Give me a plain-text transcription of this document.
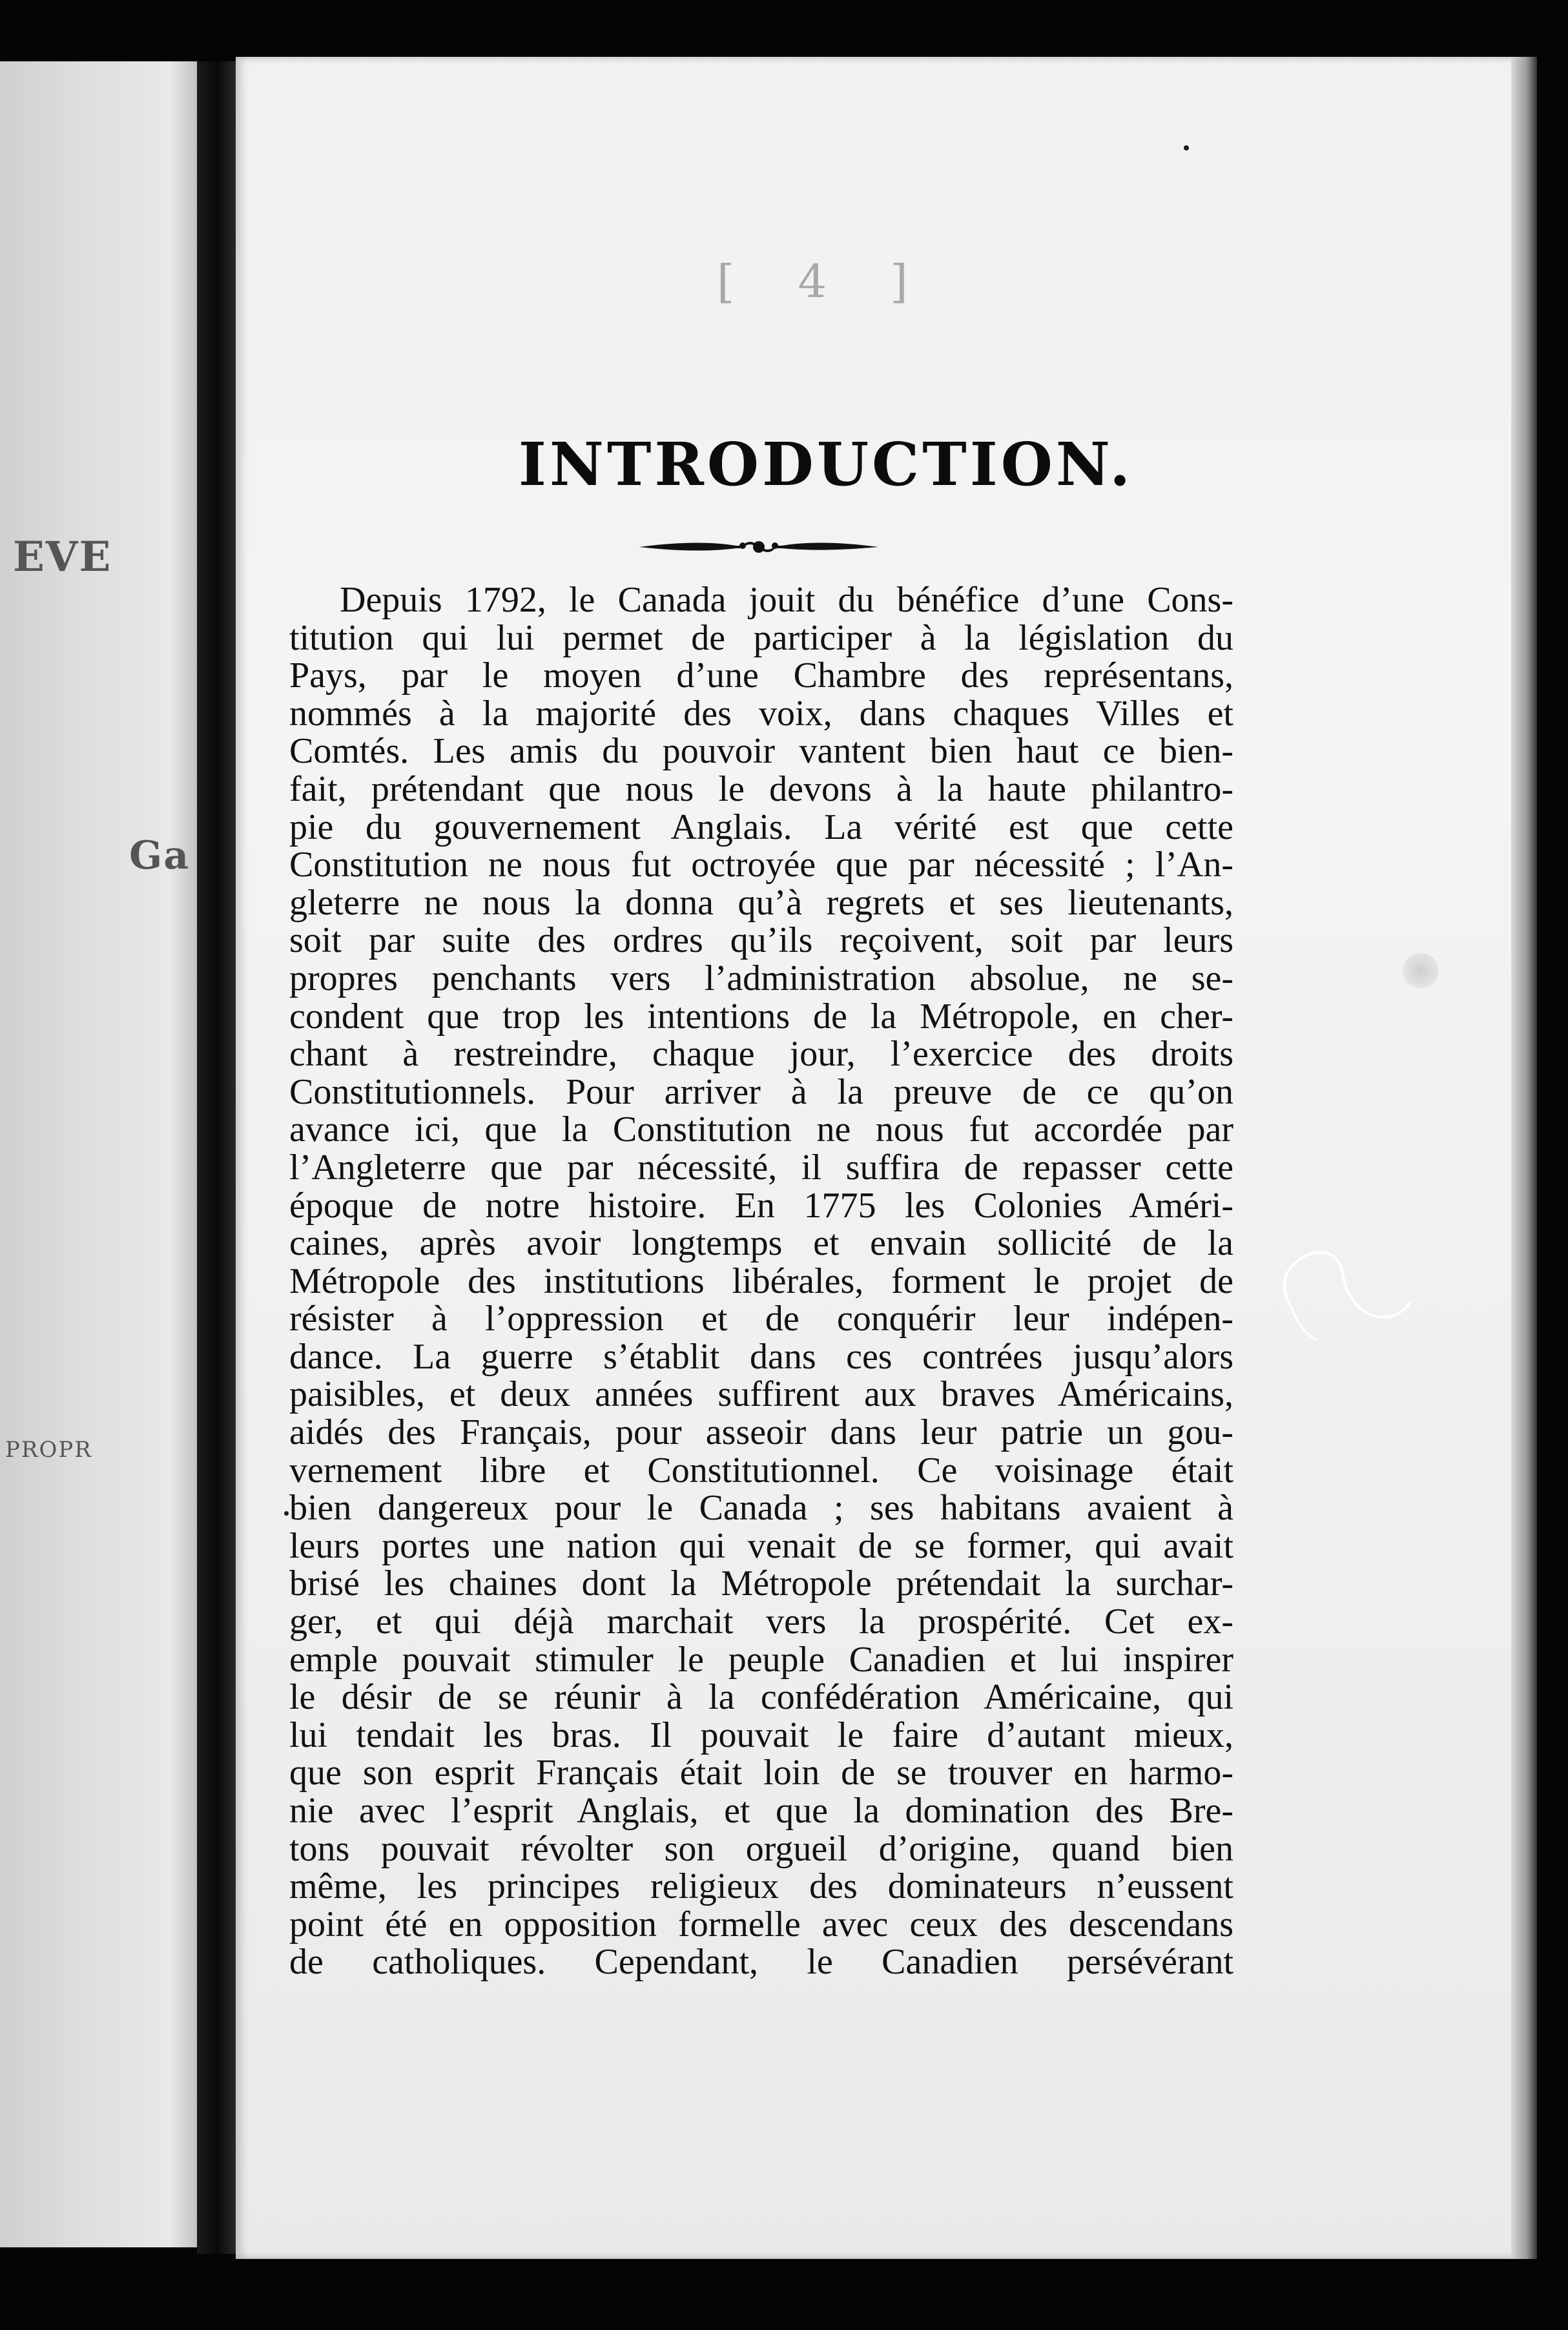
EVE
Ga
PROPR
[ 4 ]
INTRODUCTION.
Depuis 1792, le Canada jouit du bénéfice d’une Cons-
titution qui lui permet de participer à la législation du
Pays, par le moyen d’une Chambre des représentans,
nommés à la majorité des voix, dans chaques Villes et
Comtés. Les amis du pouvoir vantent bien haut ce bien-
fait, prétendant que nous le devons à la haute philantro-
pie du gouvernement Anglais. La vérité est que cette
Constitution ne nous fut octroyée que par nécessité ; l’An-
gleterre ne nous la donna qu’à regrets et ses lieutenants,
soit par suite des ordres qu’ils reçoivent, soit par leurs
propres penchants vers l’administration absolue, ne se-
condent que trop les intentions de la Métropole, en cher-
chant à restreindre, chaque jour, l’exercice des droits
Constitutionnels. Pour arriver à la preuve de ce qu’on
avance ici, que la Constitution ne nous fut accordée par
l’Angleterre que par nécessité, il suffira de repasser cette
époque de notre histoire. En 1775 les Colonies Améri-
caines, après avoir longtemps et envain sollicité de la
Métropole des institutions libérales, forment le projet de
résister à l’oppression et de conquérir leur indépen-
dance. La guerre s’établit dans ces contrées jusqu’alors
paisibles, et deux années suffirent aux braves Américains,
aidés des Français, pour asseoir dans leur patrie un gou-
vernement libre et Constitutionnel. Ce voisinage était
bien dangereux pour le Canada ; ses habitans avaient à
leurs portes une nation qui venait de se former, qui avait
brisé les chaines dont la Métropole prétendait la surchar-
ger, et qui déjà marchait vers la prospérité. Cet ex-
emple pouvait stimuler le peuple Canadien et lui inspirer
le désir de se réunir à la confédération Américaine, qui
lui tendait les bras. Il pouvait le faire d’autant mieux,
que son esprit Français était loin de se trouver en harmo-
nie avec l’esprit Anglais, et que la domination des Bre-
tons pouvait révolter son orgueil d’origine, quand bien
même, les principes religieux des dominateurs n’eussent
point été en opposition formelle avec ceux des descendans
de catholiques. Cependant, le Canadien persévérant
